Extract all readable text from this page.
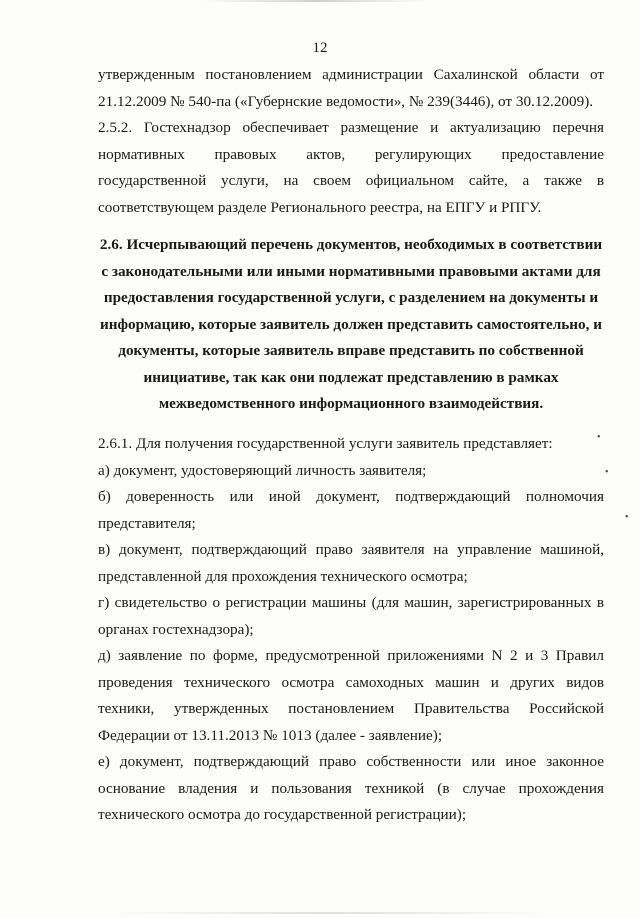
12

утвержденным постановлением администрации Сахалинской области от 21.12.2009 № 540-па («Губернские ведомости», № 239(3446), от 30.12.2009).

2.5.2. Гостехнадзор обеспечивает размещение и актуализацию перечня нормативных правовых актов, регулирующих предоставление государственной услуги, на своем официальном сайте, а также в соответствующем разделе Регионального реестра, на ЕПГУ и РПГУ.

2.6. Исчерпывающий перечень документов, необходимых в соответствии

с законодательными или иными нормативными правовыми актами для

предоставления государственной услуги, с разделением на документы и

информацию, которые заявитель должен представить самостоятельно, и

документы, которые заявитель вправе представить по собственной

инициативе, так как они подлежат представлению в рамках

межведомственного информационного взаимодействия.

2.6.1. Для получения государственной услуги заявитель представляет:

а) документ, удостоверяющий личность заявителя;

б) доверенность или иной документ, подтверждающий полномочия представителя;

в) документ, подтверждающий право заявителя на управление машиной, представленной для прохождения технического осмотра;

г) свидетельство о регистрации машины (для машин, зарегистрированных в органах гостехнадзора);

д) заявление по форме, предусмотренной приложениями N 2 и 3 Правил проведения технического осмотра самоходных машин и других видов техники, утвержденных постановлением Правительства Российской Федерации от 13.11.2013 № 1013 (далее - заявление);

е) документ, подтверждающий право собственности или иное законное основание владения и пользования техникой (в случае прохождения технического осмотра до государственной регистрации);

•
•
•
